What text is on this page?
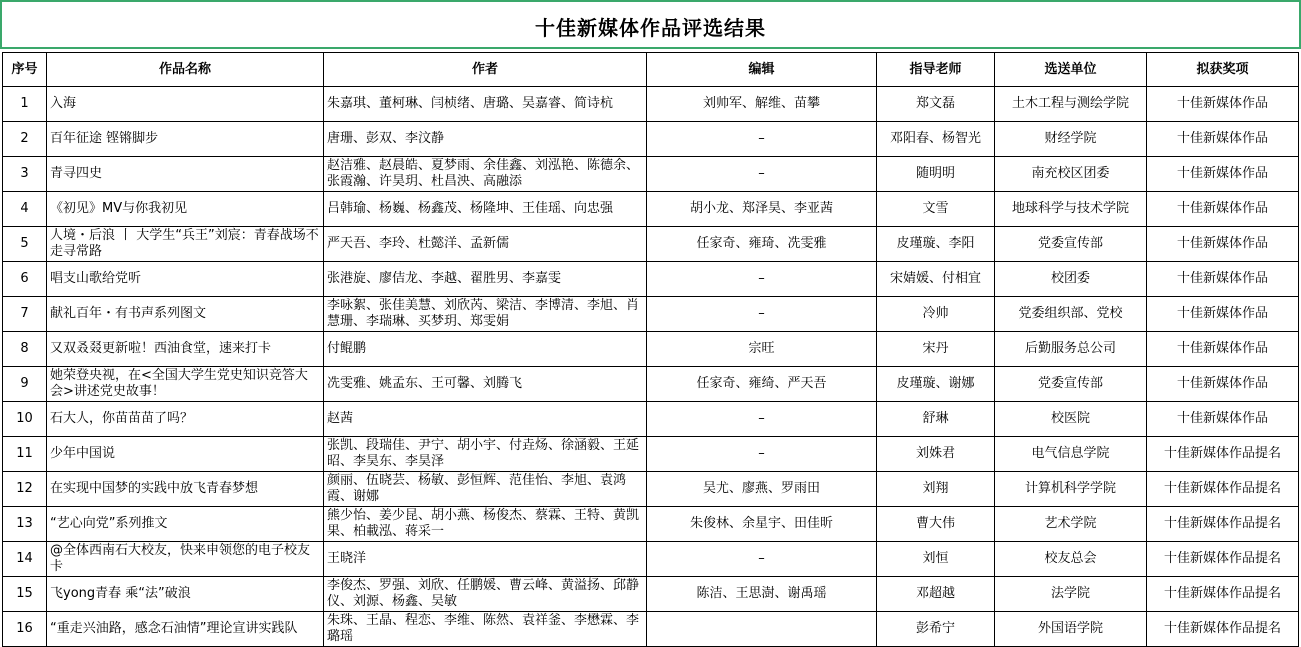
十佳新媒体作品评选结果
序号	作品名称	作者	编辑	指导老师	选送单位	拟获奖项
1	入海	朱嘉琪、董柯琳、闫桢绪、唐璐、吴嘉睿、简诗杭	刘帅军、解维、苗攀	郑文磊	土木工程与测绘学院	十佳新媒体作品
2	百年征途 铿锵脚步	唐珊、彭双、李汶静	–	邓阳春、杨智光	财经学院	十佳新媒体作品
3	青寻四史	赵洁雅、赵晨皓、夏梦雨、余佳鑫、刘泓艳、陈德余、张霞瀚、许昊玥、杜昌泱、高融添	–	随明明	南充校区团委	十佳新媒体作品
4	《初见》MV与你我初见	吕韩瑜、杨巍、杨鑫茂、杨隆坤、王佳瑶、向忠强	胡小龙、郑泽昊、李亚茜	文雪	地球科学与技术学院	十佳新媒体作品
5	人境・后浪 丨 大学生“兵王”刘宸：青春战场不走寻常路	严天吾、李玲、杜懿洋、孟新儒	任家奇、雍琦、冼雯雅	皮瑾璇、李阳	党委宣传部	十佳新媒体作品
6	唱支山歌给党听	张港旋、廖佶龙、李越、翟胜男、李嘉雯	–	宋婧媛、付相宜	校团委	十佳新媒体作品
7	献礼百年・有书声系列图文	李咏絮、张佳美慧、刘欣芮、梁洁、李博清、李旭、肖慧珊、李瑞琳、买梦玥、郑雯娟	–	冷帅	党委组织部、党校	十佳新媒体作品
8	又双叒叕更新啦！西油食堂，速来打卡	付鲲鹏	宗旺	宋丹	后勤服务总公司	十佳新媒体作品
9	她荣登央视，在<全国大学生党史知识竞答大会>讲述党史故事！	冼雯雅、姚孟东、王可馨、刘腾飞	任家奇、雍绮、严天吾	皮瑾璇、谢娜	党委宣传部	十佳新媒体作品
10	石大人，你苗苗苗了吗？	赵茜	–	舒琳	校医院	十佳新媒体作品
11	少年中国说	张凯、段瑞佳、尹宁、胡小宇、付垚炀、徐涵毅、王延昭、李昊东、李昊泽	–	刘姝君	电气信息学院	十佳新媒体作品提名
12	在实现中国梦的实践中放飞青春梦想	颜丽、伍晓芸、杨敏、彭恒辉、范佳怡、李旭、袁鸿霞、谢娜	吴尤、廖燕、罗雨田	刘翔	计算机科学学院	十佳新媒体作品提名
13	“艺心向党”系列推文	熊少怡、姜少昆、胡小燕、杨俊杰、蔡霖、王特、黄凯果、柏載泓、蒋采一	朱俊林、余星宇、田佳昕	曹大伟	艺术学院	十佳新媒体作品提名
14	@全体西南石大校友，快来申领您的电子校友卡	王晓洋	–	刘恒	校友总会	十佳新媒体作品提名
15	飞yong青春 乘“法”破浪	李俊杰、罗强、刘欣、任鹏媛、曹云峰、黄溢扬、邱静仪、刘源、杨鑫、吴敏	陈洁、王思澍、谢禹瑶	邓超越	法学院	十佳新媒体作品提名
16	“重走兴油路，感念石油情”理论宣讲实践队	朱珠、王晶、程恋、李维、陈然、袁祥釜、李懋霖、李璐瑶		彭希宁	外国语学院	十佳新媒体作品提名
